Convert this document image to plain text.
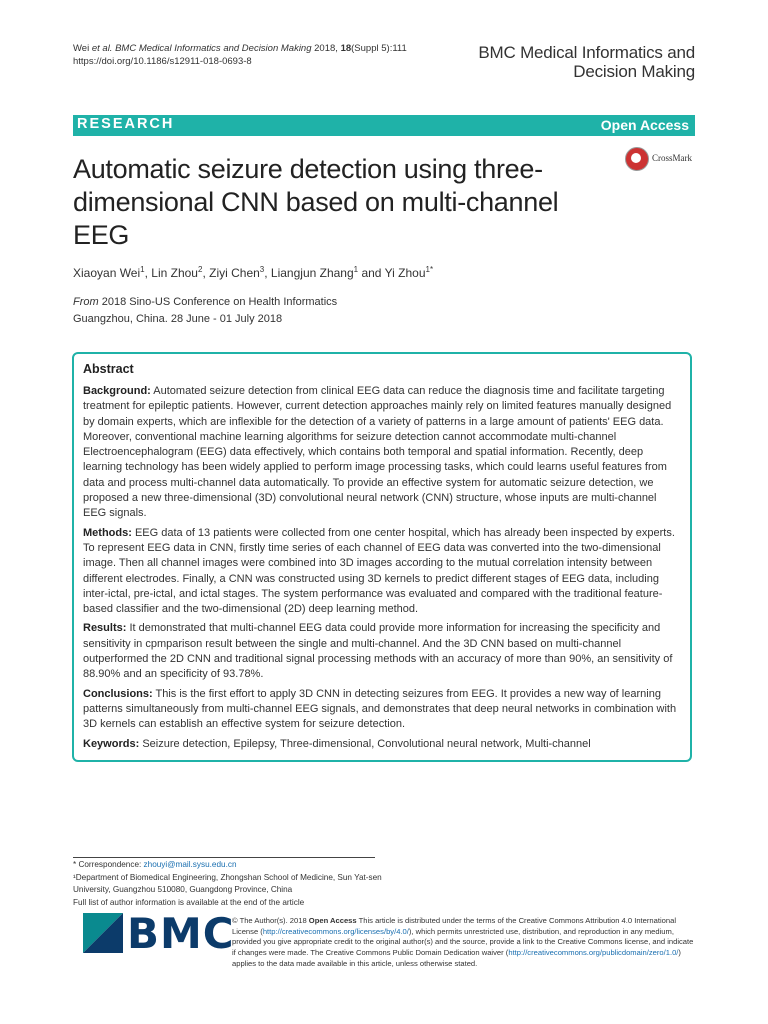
Wei et al. BMC Medical Informatics and Decision Making 2018, 18(Suppl 5):111
https://doi.org/10.1186/s12911-018-0693-8	BMC Medical Informatics and
Decision Making
RESEARCH	Open Access
Automatic seizure detection using three-dimensional CNN based on multi-channel EEG
CrossMark
Xiaoyan Wei$^1$, Lin Zhou$^2$, Ziyi Chen$^3$, Liangjun Zhang$^1$ and Yi Zhou$^{1*}$
From 2018 Sino-US Conference on Health Informatics
Guangzhou, China. 28 June - 01 July 2018
Abstract

Background: Automated seizure detection from clinical EEG data can reduce the diagnosis time and facilitate targeting treatment for epileptic patients. However, current detection approaches mainly rely on limited features manually designed by domain experts, which are inflexible for the detection of a variety of patterns in a large amount of patients' EEG data. Moreover, conventional machine learning algorithms for seizure detection cannot accommodate multi-channel Electroencephalogram (EEG) data effectively, which contains both temporal and spatial information. Recently, deep learning technology has been widely applied to perform image processing tasks, which could learns useful features from data and process multi-channel data automatically. To provide an effective system for automatic seizure detection, we proposed a new three-dimensional (3D) convolutional neural network (CNN) structure, whose inputs are multi-channel EEG signals.

Methods: EEG data of 13 patients were collected from one center hospital, which has already been inspected by experts. To represent EEG data in CNN, firstly time series of each channel of EEG data was converted into the two-dimensional image. Then all channel images were combined into 3D images according to the mutual correlation intensity between different electrodes. Finally, a CNN was constructed using 3D kernels to predict different stages of EEG data, including inter-ictal, pre-ictal, and ictal stages. The system performance was evaluated and compared with the traditional feature-based classifier and the two-dimensional (2D) deep learning method.

Results: It demonstrated that multi-channel EEG data could provide more information for increasing the specificity and sensitivity in cpmparison result between the single and multi-channel. And the 3D CNN based on multi-channel outperformed the 2D CNN and traditional signal processing methods with an accuracy of more than 90%, an sensitivity of 88.90% and an specificity of 93.78%.

Conclusions: This is the first effort to apply 3D CNN in detecting seizures from EEG. It provides a new way of learning patterns simultaneously from multi-channel EEG signals, and demonstrates that deep neural networks in combination with 3D kernels can establish an effective system for seizure detection.

Keywords: Seizure detection, Epilepsy, Three-dimensional, Convolutional neural network, Multi-channel

* Correspondence: zhouyi@mail.sysu.edu.cn
¹Department of Biomedical Engineering, Zhongshan School of Medicine, Sun Yat-sen University, Guangzhou 510080, Guangdong Province, China
Full list of author information is available at the end of the article
BMC
© The Author(s). 2018 Open Access This article is distributed under the terms of the Creative Commons Attribution 4.0 International License (http://creativecommons.org/licenses/by/4.0/), which permits unrestricted use, distribution, and reproduction in any medium, provided you give appropriate credit to the original author(s) and the source, provide a link to the Creative Commons license, and indicate if changes were made. The Creative Commons Public Domain Dedication waiver (http://creativecommons.org/publicdomain/zero/1.0/) applies to the data made available in this article, unless otherwise stated.
